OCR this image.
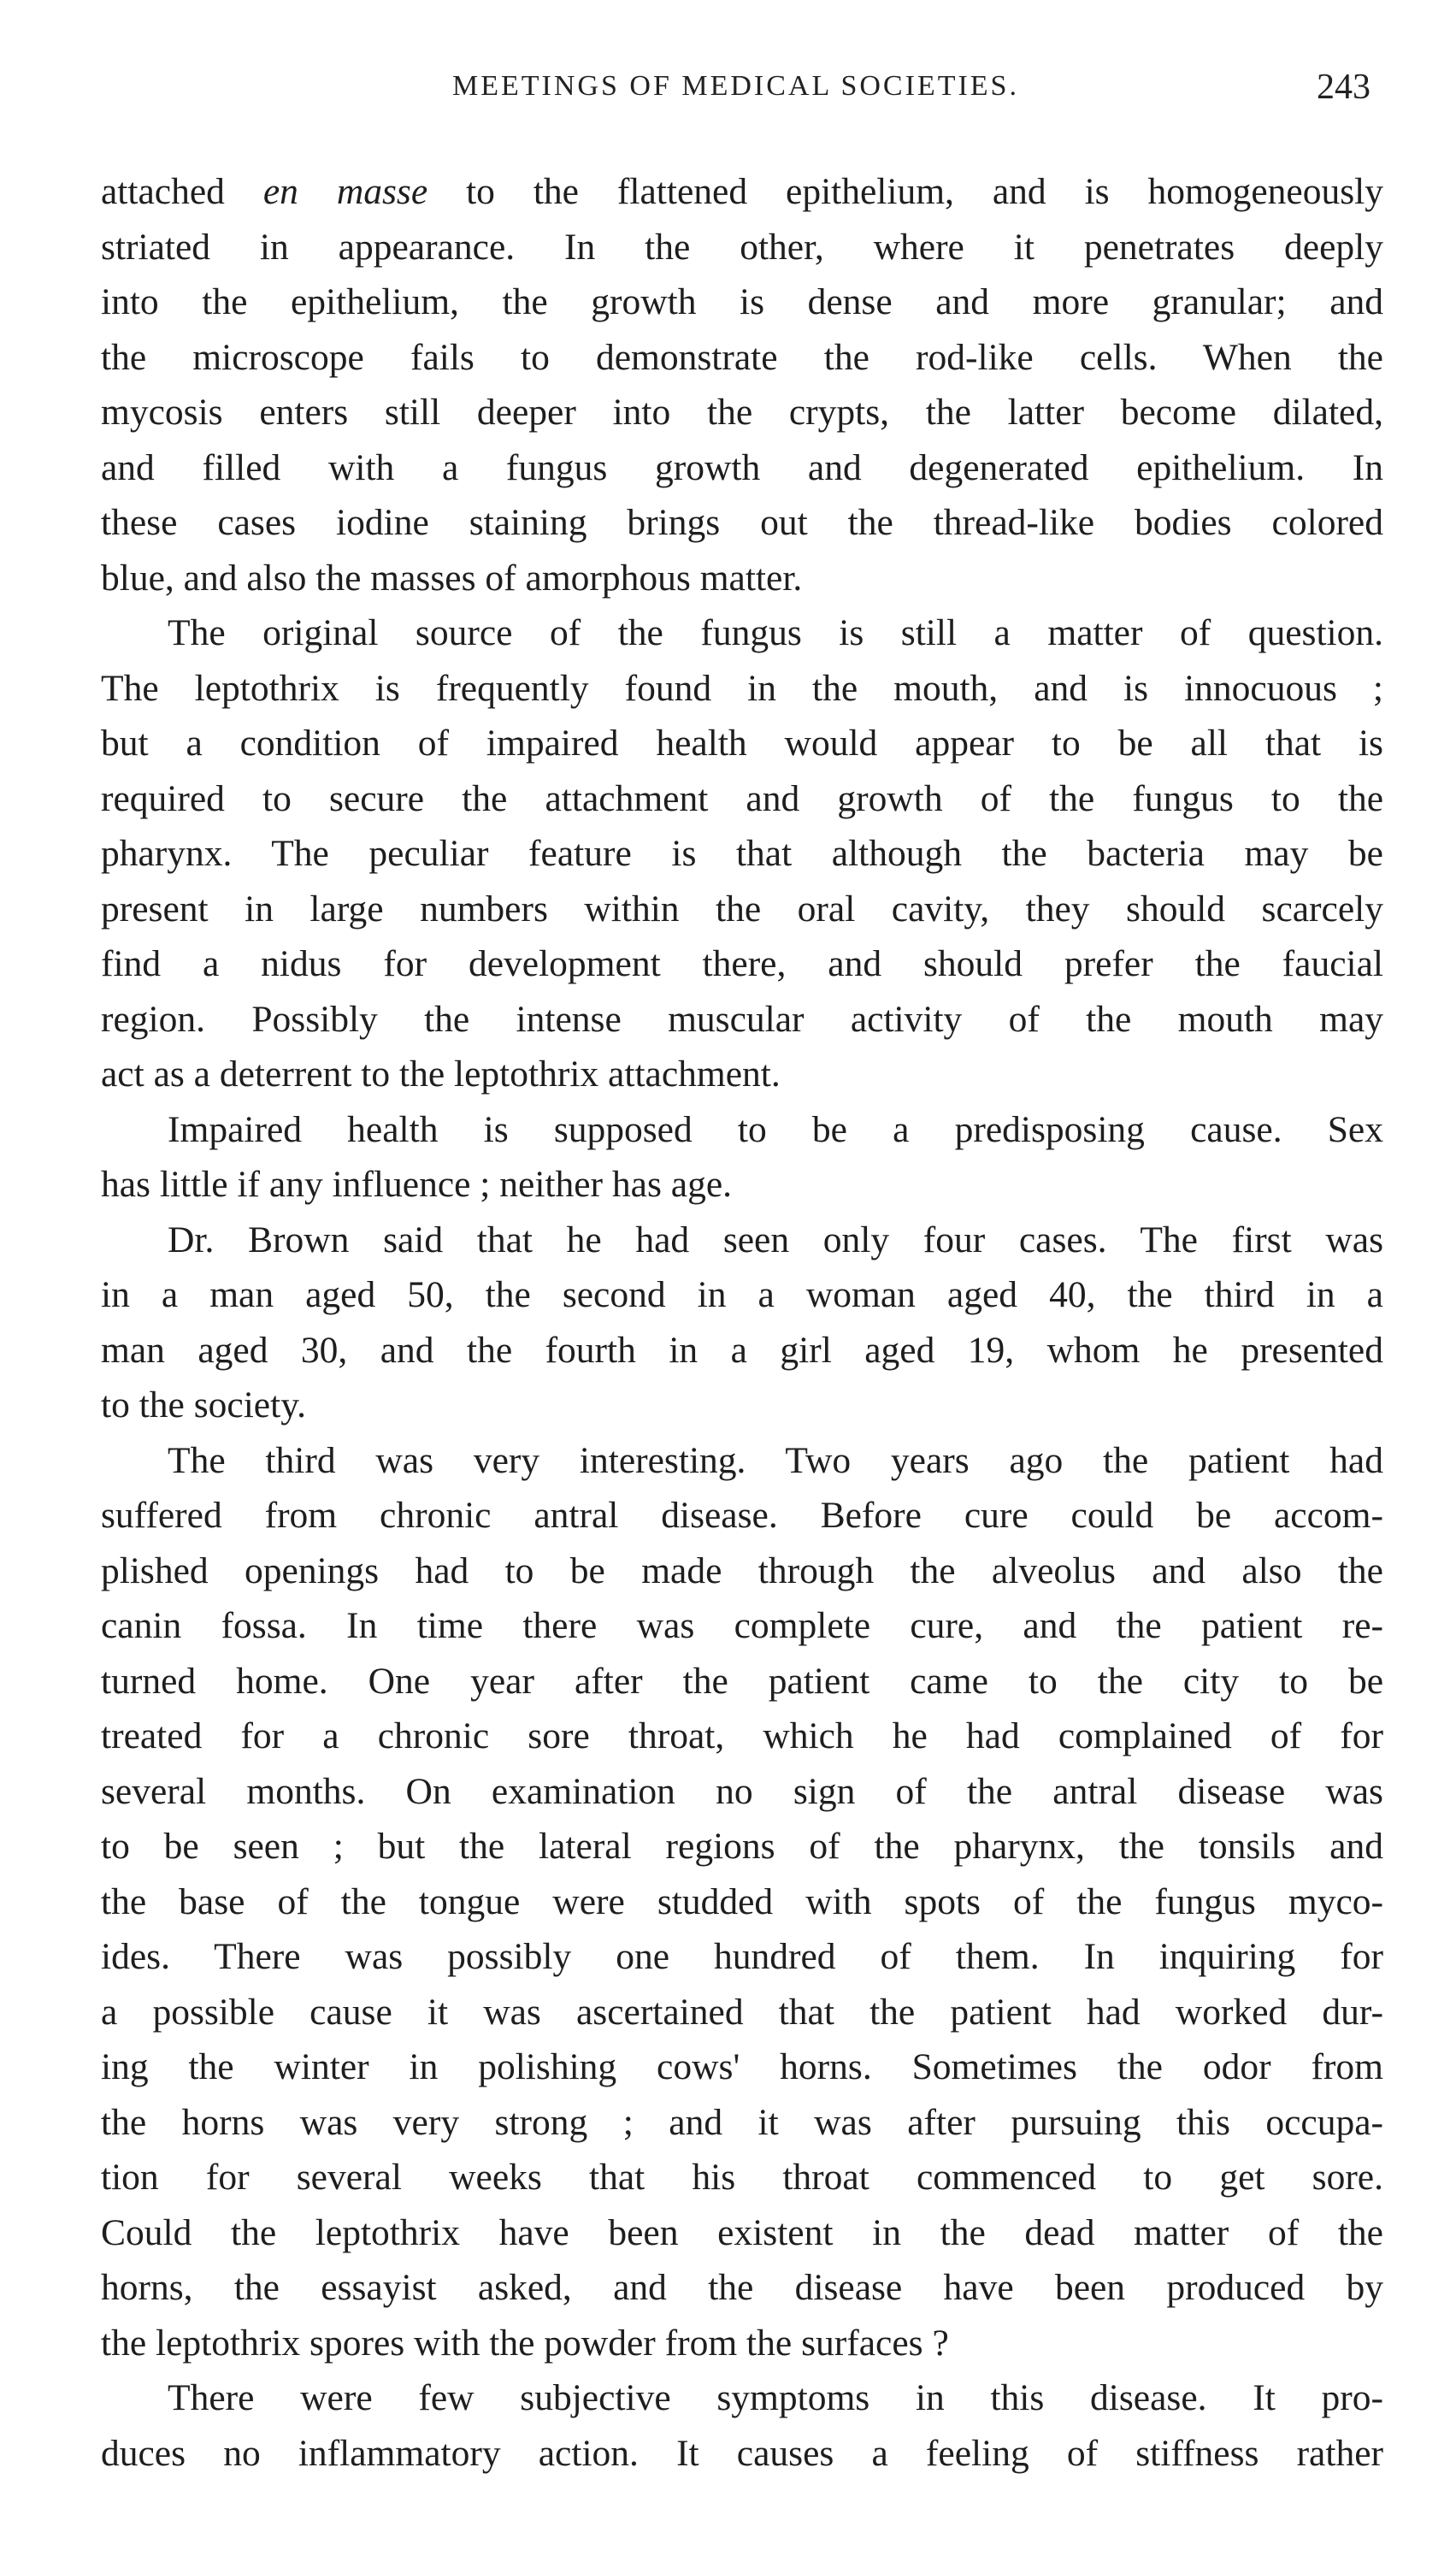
MEETINGS OF MEDICAL SOCIETIES.	243
attached en masse to the flattened epithelium, and is homogeneously
striated in appearance. In the other, where it penetrates deeply
into the epithelium, the growth is dense and more granular; and
the microscope fails to demonstrate the rod-like cells. When the
mycosis enters still deeper into the crypts, the latter become dilated,
and filled with a fungus growth and degenerated epithelium. In
these cases iodine staining brings out the thread-like bodies colored
blue, and also the masses of amorphous matter.
The original source of the fungus is still a matter of question.
The leptothrix is frequently found in the mouth, and is innocuous ;
but a condition of impaired health would appear to be all that is
required to secure the attachment and growth of the fungus to the
pharynx. The peculiar feature is that although the bacteria may be
present in large numbers within the oral cavity, they should scarcely
find a nidus for development there, and should prefer the faucial
region. Possibly the intense muscular activity of the mouth may
act as a deterrent to the leptothrix attachment.
Impaired health is supposed to be a predisposing cause. Sex
has little if any influence ; neither has age.
Dr. Brown said that he had seen only four cases. The first was
in a man aged 50, the second in a woman aged 40, the third in a
man aged 30, and the fourth in a girl aged 19, whom he presented
to the society.
The third was very interesting. Two years ago the patient had
suffered from chronic antral disease. Before cure could be accom-
plished openings had to be made through the alveolus and also the
canin fossa. In time there was complete cure, and the patient re-
turned home. One year after the patient came to the city to be
treated for a chronic sore throat, which he had complained of for
several months. On examination no sign of the antral disease was
to be seen ; but the lateral regions of the pharynx, the tonsils and
the base of the tongue were studded with spots of the fungus myco-
ides. There was possibly one hundred of them. In inquiring for
a possible cause it was ascertained that the patient had worked dur-
ing the winter in polishing cows' horns. Sometimes the odor from
the horns was very strong ; and it was after pursuing this occupa-
tion for several weeks that his throat commenced to get sore.
Could the leptothrix have been existent in the dead matter of the
horns, the essayist asked, and the disease have been produced by
the leptothrix spores with the powder from the surfaces ?
There were few subjective symptoms in this disease. It pro-
duces no inflammatory action. It causes a feeling of stiffness rather
